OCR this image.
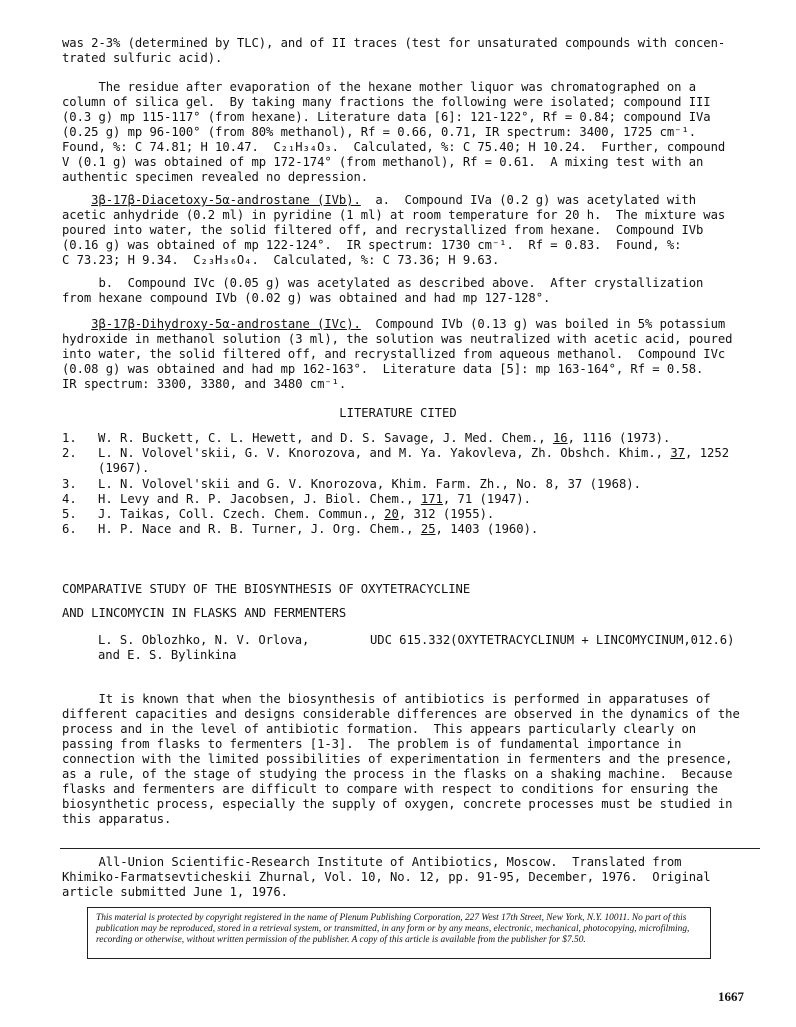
was 2-3% (determined by TLC), and of II traces (test for unsaturated compounds with concen-
trated sulfuric acid).
The residue after evaporation of the hexane mother liquor was chromatographed on a
column of silica gel.  By taking many fractions the following were isolated; compound III
(0.3 g) mp 115-117° (from hexane). Literature data [6]: 121-122°, Rf = 0.84; compound IVa
(0.25 g) mp 96-100° (from 80% methanol), Rf = 0.66, 0.71, IR spectrum: 3400, 1725 cm⁻¹.
Found, %: C 74.81; H 10.47.  C₂₁H₃₄O₃.  Calculated, %: C 75.40; H 10.24.  Further, compound
V (0.1 g) was obtained of mp 172-174° (from methanol), Rf = 0.61.  A mixing test with an
authentic specimen revealed no depression.
3β-17β-Diacetoxy-5α-androstane (IVb).  a.  Compound IVa (0.2 g) was acetylated with
acetic anhydride (0.2 ml) in pyridine (1 ml) at room temperature for 20 h.  The mixture was
poured into water, the solid filtered off, and recrystallized from hexane.  Compound IVb
(0.16 g) was obtained of mp 122-124°.  IR spectrum: 1730 cm⁻¹.  Rf = 0.83.  Found, %:
C 73.23; H 9.34.  C₂₃H₃₆O₄.  Calculated, %: C 73.36; H 9.63.
b.  Compound IVc (0.05 g) was acetylated as described above.  After crystallization
from hexane compound IVb (0.02 g) was obtained and had mp 127-128°.
3β-17β-Dihydroxy-5α-androstane (IVc).  Compound IVb (0.13 g) was boiled in 5% potassium
hydroxide in methanol solution (3 ml), the solution was neutralized with acetic acid, poured
into water, the solid filtered off, and recrystallized from aqueous methanol.  Compound IVc
(0.08 g) was obtained and had mp 162-163°.  Literature data [5]: mp 163-164°, Rf = 0.58.
IR spectrum: 3300, 3380, and 3480 cm⁻¹.
LITERATURE CITED
1. W. R. Buckett, C. L. Hewett, and D. S. Savage, J. Med. Chem., 16, 1116 (1973).
2. L. N. Volovel'skii, G. V. Knorozova, and M. Ya. Yakovleva, Zh. Obshch. Khim., 37, 1252
(1967).
3. L. N. Volovel'skii and G. V. Knorozova, Khim. Farm. Zh., No. 8, 37 (1968).
4. H. Levy and R. P. Jacobsen, J. Biol. Chem., 171, 71 (1947).
5. J. Taikas, Coll. Czech. Chem. Commun., 20, 312 (1955).
6. H. P. Nace and R. B. Turner, J. Org. Chem., 25, 1403 (1960).
COMPARATIVE STUDY OF THE BIOSYNTHESIS OF OXYTETRACYCLINE
AND LINCOMYCIN IN FLASKS AND FERMENTERS
L. S. Oblozhko, N. V. Orlova,
and E. S. Bylinkina
UDC 615.332(OXYTETRACYCLINUM + LINCOMYCINUM,012.6)
It is known that when the biosynthesis of antibiotics is performed in apparatuses of
different capacities and designs considerable differences are observed in the dynamics of the
process and in the level of antibiotic formation.  This appears particularly clearly on
passing from flasks to fermenters [1-3].  The problem is of fundamental importance in
connection with the limited possibilities of experimentation in fermenters and the presence,
as a rule, of the stage of studying the process in the flasks on a shaking machine.  Because
flasks and fermenters are difficult to compare with respect to conditions for ensuring the
biosynthetic process, especially the supply of oxygen, concrete processes must be studied in
this apparatus.
All-Union Scientific-Research Institute of Antibiotics, Moscow.  Translated from
Khimiko-Farmatsevticheskii Zhurnal, Vol. 10, No. 12, pp. 91-95, December, 1976.  Original
article submitted June 1, 1976.
This material is protected by copyright registered in the name of Plenum Publishing Corporation, 227 West 17th Street, New York, N.Y. 10011. No part of this publication may be reproduced, stored in a retrieval system, or transmitted, in any form or by any means, electronic, mechanical, photocopying, microfilming, recording or otherwise, without written permission of the publisher. A copy of this article is available from the publisher for $7.50.
1667
